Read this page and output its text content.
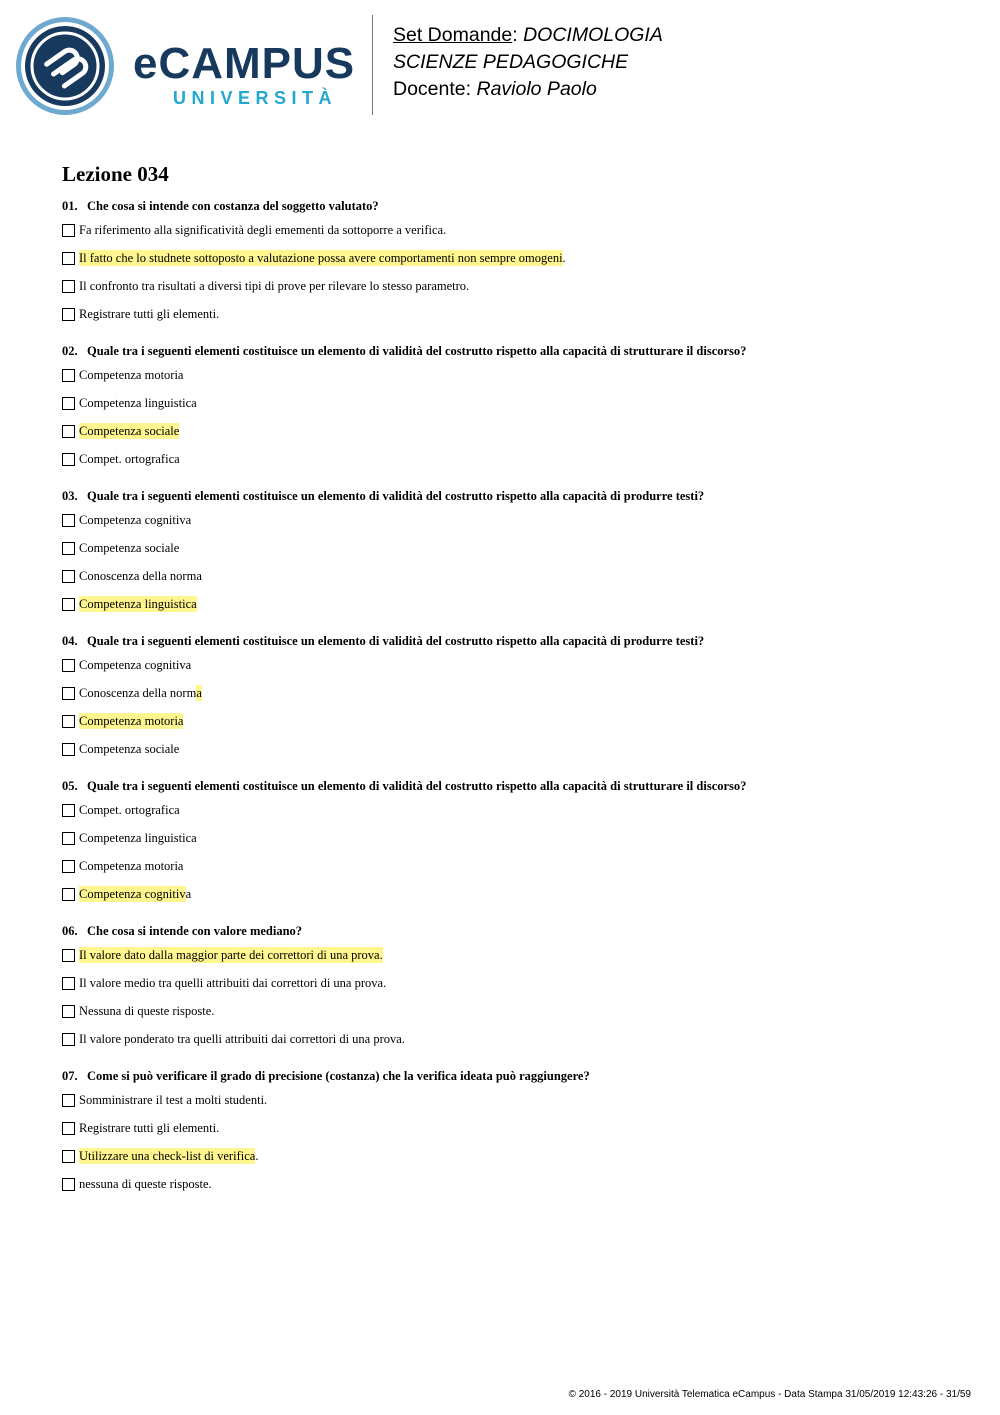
eCAMPUS
UNIVERSITÀ
Set Domande: DOCIMOLOGIA
SCIENZE PEDAGOGICHE
Docente: Raviolo Paolo
Lezione 034
01. Che cosa si intende con costanza del soggetto valutato?
Fa riferimento alla significatività degli emementi da sottoporre a verifica.
Il fatto che lo studnete sottoposto a valutazione possa avere comportamenti non sempre omogeni.
Il confronto tra risultati a diversi tipi di prove per rilevare lo stesso parametro.
Registrare tutti gli elementi.
02. Quale tra i seguenti elementi costituisce un elemento di validità del costrutto rispetto alla capacità di strutturare il discorso?
Competenza motoria
Competenza linguistica
Competenza sociale
Compet. ortografica
03. Quale tra i seguenti elementi costituisce un elemento di validità del costrutto rispetto alla capacità di produrre testi?
Competenza cognitiva
Competenza sociale
Conoscenza della norma
Competenza linguistica
04. Quale tra i seguenti elementi costituisce un elemento di validità del costrutto rispetto alla capacità di produrre testi?
Competenza cognitiva
Conoscenza della norma
Competenza motoria
Competenza sociale
05. Quale tra i seguenti elementi costituisce un elemento di validità del costrutto rispetto alla capacità di strutturare il discorso?
Compet. ortografica
Competenza linguistica
Competenza motoria
Competenza cognitiva
06. Che cosa si intende con valore mediano?
Il valore dato dalla maggior parte dei correttori di una prova.
Il valore medio tra quelli attribuiti dai correttori di una prova.
Nessuna di queste risposte.
Il valore ponderato tra quelli attribuiti dai correttori di una prova.
07. Come si può verificare il grado di precisione (costanza) che la verifica ideata può raggiungere?
Somministrare il test a molti studenti.
Registrare tutti gli elementi.
Utilizzare una check-list di verifica.
nessuna di queste risposte.
© 2016 - 2019 Università Telematica eCampus - Data Stampa 31/05/2019 12:43:26 - 31/59
